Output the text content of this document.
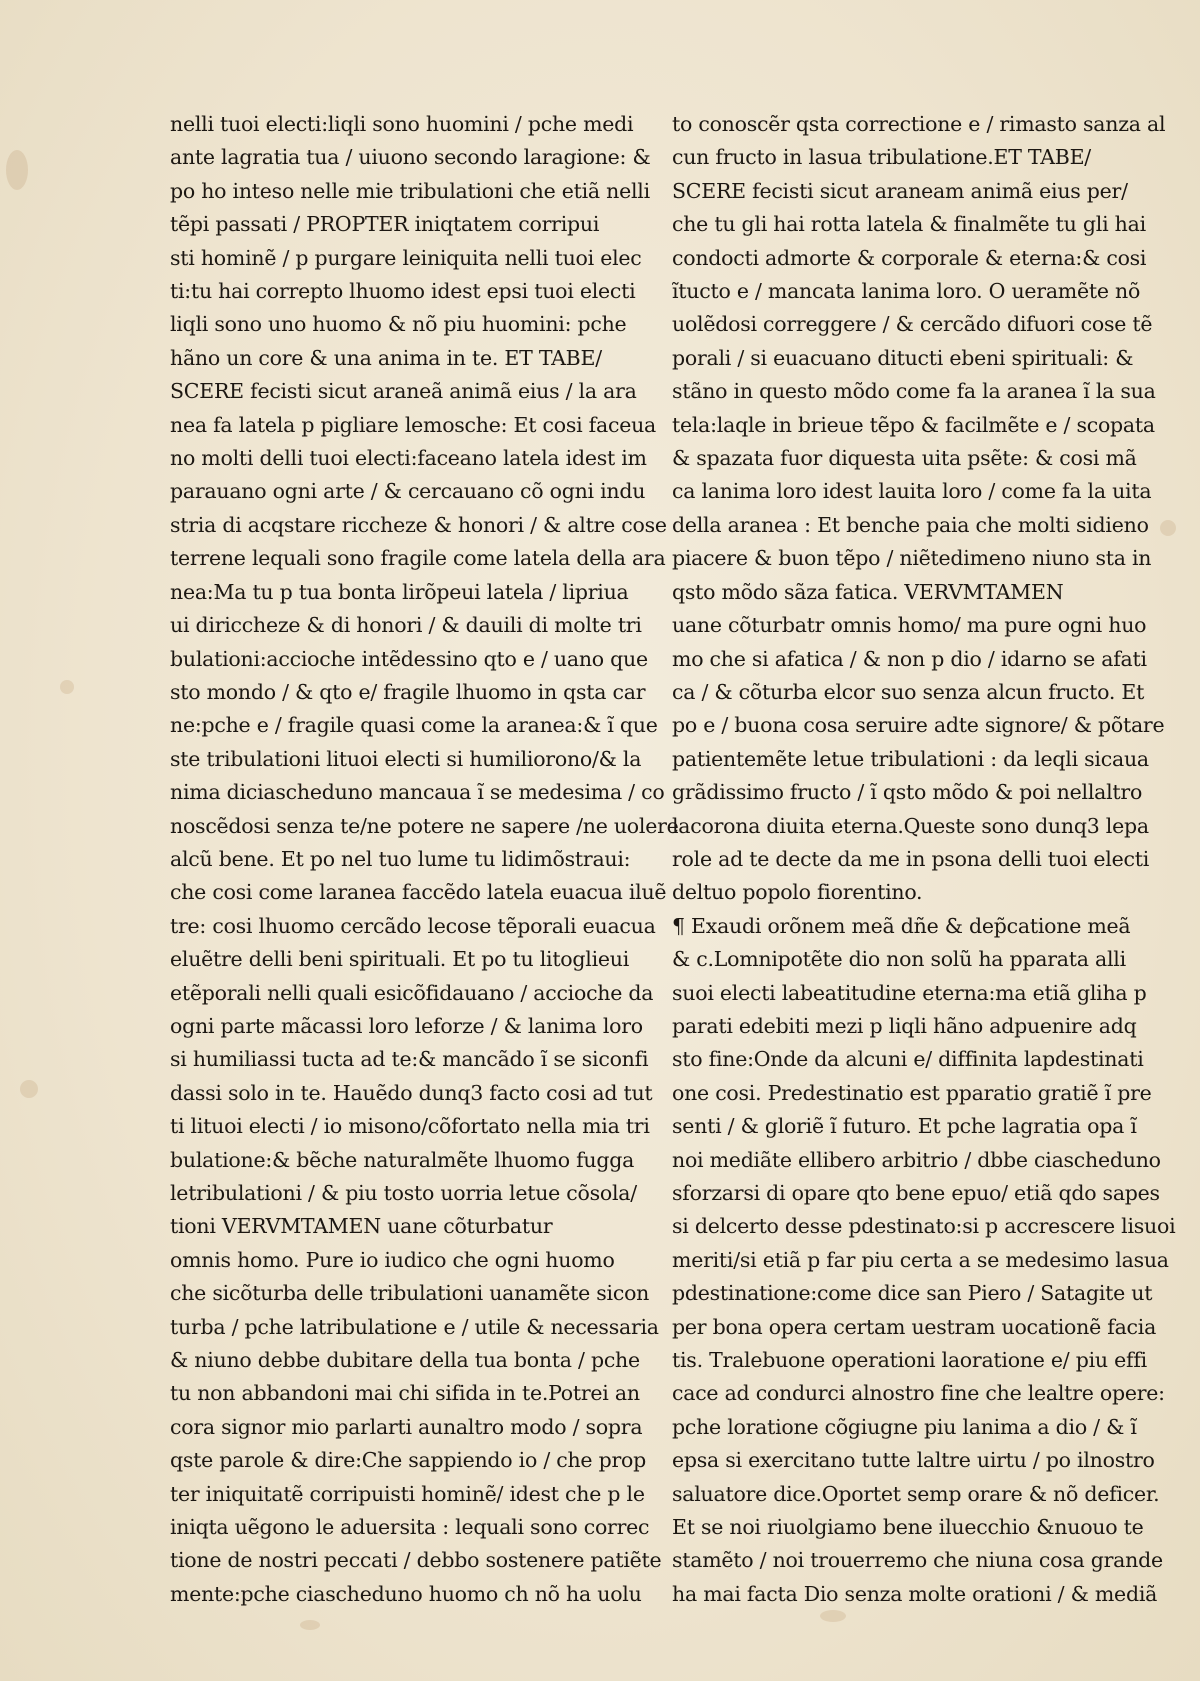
nelli tuoi electi:liqli sono huomini / pche medi
ante lagratia tua / uiuono secondo laragione: &
po ho inteso nelle mie tribulationi che etiã nelli
tẽpi passati / PROPTER iniqtatem corripui
sti hominẽ / p purgare leiniquita nelli tuoi elec
ti:tu hai correpto lhuomo idest epsi tuoi electi
liqli sono uno huomo & nõ piu huomini: pche
hãno un core & una anima in te. ET TABE/
SCERE fecisti sicut araneã animã eius / la ara
nea fa latela p pigliare lemosche: Et cosi faceua
no molti delli tuoi electi:faceano latela idest im
parauano ogni arte / & cercauano cõ ogni indu
stria di acqstare riccheze & honori / & altre cose
terrene lequali sono fragile come latela della ara
nea:Ma tu p tua bonta lirõpeui latela / lipriua
ui diriccheze & di honori / & dauili di molte tri
bulationi:acciochе intẽdessino qto e / uano que
sto mondo / & qto e/ fragile lhuomo in qsta car
ne:pche e / fragile quasi come la aranea:& ĩ que
ste tribulationi lituoi electi si humiliorono/& la
nima diciascheduno mancaua ĩ se medesima / co
noscẽdosi senza te/ne potere ne sapere /ne uolere
alcũ bene. Et po nel tuo lume tu lidimõstraui:
che cosi come laranea faccẽdo latela euacua iluẽ
tre: cosi lhuomo cercãdo lecose tẽporali euacua
eluẽtre delli beni spirituali. Et po tu litoglieui
etẽporali nelli quali esicõfidauano / acciochе da
ogni parte mãcassi loro leforze / & lanima loro
si humiliassi tucta ad te:& mancãdo ĩ se siconfi
dassi solo in te. Hauẽdo dunq3 facto cosi ad tut
ti lituoi electi / io misono/cõfortato nella mia tri
bulatione:& bẽche naturalmẽte lhuomo fugga
letribulationi / & piu tosto uorria letue cõsola/
tioni VERVMTAMEN uane cõturbatur
omnis homo. Pure io iudico che ogni huomo
che sicõturba delle tribulationi uanamẽte sicon
turba / pche latribulatione e / utile & necessaria
& niuno debbe dubitare della tua bonta / pche
tu non abbandoni mai chi sifida in te.Potrei an
cora signor mio parlarti aunaltro modo / sopra
qste parole & dire:Che sappiendo io / che prop
ter iniquitatẽ corripuisti hominẽ/ idest che p le
iniqta uẽgono le aduersita : lequali sono correc
tione de nostri peccati / debbo sostenere patiẽte
mente:pche ciascheduno huomo ch nõ ha uolu
to conoscẽr qsta correctione e / rimasto sanza al
cun fructo in lasua tribulatione.ET TABE/
SCERE fecisti sicut araneam animã eius per/
che tu gli hai rotta latela & finalmẽte tu gli hai
condocti admorte & corporale & eterna:& cosi
ĩtucto e / mancata lanima loro. O ueramẽte nõ
uolẽdosi correggere / & cercãdo difuori cose tẽ
porali / si euacuano ditucti ebeni spirituali: &
stãno in questo mõdo come fa la aranea ĩ la sua
tela:laqle in brieue tẽpo & facilmẽte e / scopata
& spazata fuor diquesta uita psẽte: & cosi mã
ca lanima loro idest lauita loro / come fa la uita
della aranea : Et benche paia che molti sidieno
piacere & buon tẽpo / niẽtedimeno niuno sta in
qsto mõdo sãza fatica. VERVMTAMEN
uane cõturbatr omnis homo/ ma pure ogni huo
mo che si afatica / & non p dio / idarno se afati
ca / & cõturba elcor suo senza alcun fructo. Et
po e / buona cosa seruire adte signore/ & põtare
patientemẽte letue tribulationi : da leqli sicaua
grãdissimo fructo / ĩ qsto mõdo & poi nellaltro
lacorona diuita eterna.Queste sono dunq3 lepa
role ad te decte da me in psona delli tuoi electi
deltuo popolo fiorentino.
¶ Exaudi orõnem meã dñe & dep̃catione meã
& c.Lomnipotẽte dio non solũ ha pparata alli
suoi electi labeatitudine eterna:ma etiã gliha p
parati edebiti mezi p liqli hãno adpuenire adq
sto fine:Onde da alcuni e/ diffinita lapdestinati
one cosi. Predestinatio est pparatio gratiẽ ĩ pre
senti / & gloriẽ ĩ futuro. Et pche lagratia opa ĩ
noi mediãte ellibero arbitrio / dbbe ciascheduno
sforzarsi di opare qto bene epuo/ etiã qdo sapes
si delcerto desse pdestinato:si p accrescere lisuoi
meriti/si etiã p far piu certa a se medesimo lasua
pdestinatione:come dice san Piero / Satagite ut
per bona opera certam uestram uocationẽ facia
tis. Tralebuone operationi laoratione e/ piu effi
cace ad condurci alnostro fine che lealtre opere:
pche loratione cõgiugne piu lanima a dio / & ĩ
epsa si exercitano tutte laltre uirtu / po ilnostro
saluatore dice.Oportet semp orare & nõ deficer.
Et se noi riuolgiamo bene iluecchio &nuouo te
stamẽto / noi trouerremo che niuna cosa grande
ha mai facta Dio senza molte orationi / & mediã
